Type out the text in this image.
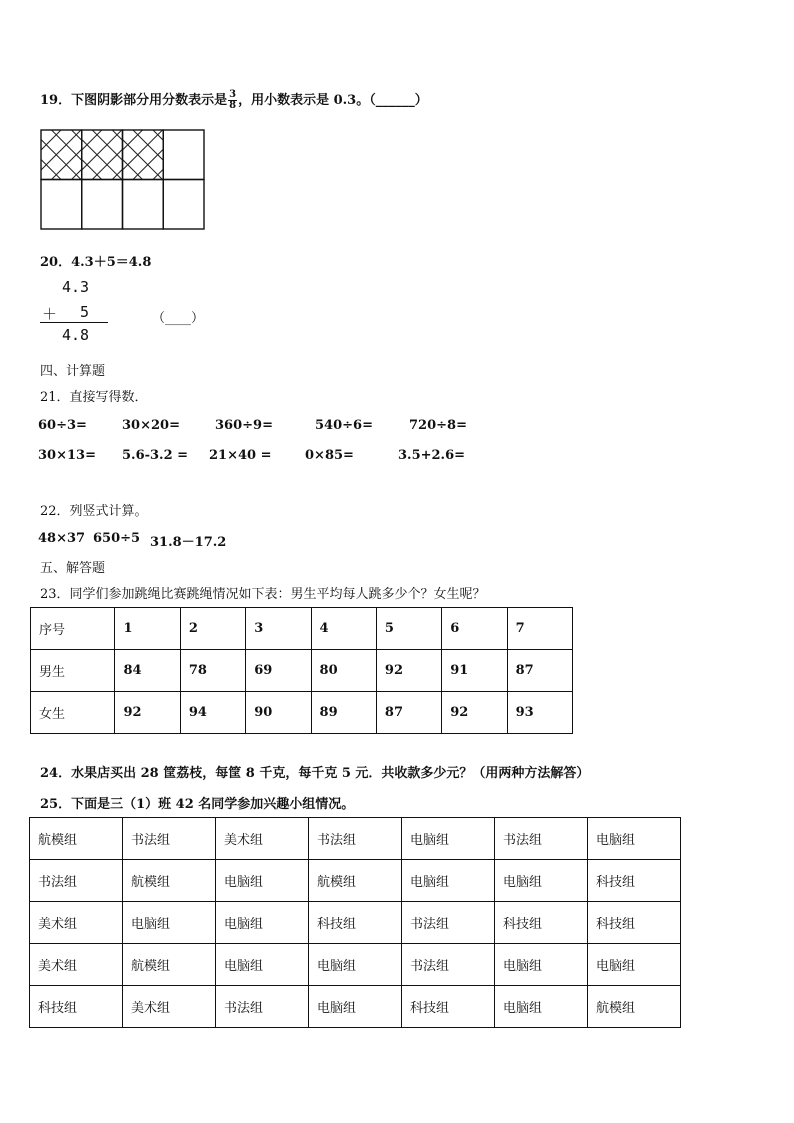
19．下图阴影部分用分数表示是 $\frac{3}{8}$ ，用小数表示是 0.3。（______）
20．4.3＋5＝4.8
4.3
＋ 5
4.8
（____）
四、计算题
21．直接写得数．
60÷3=	30×20=	360÷9=	540÷6=	720÷8=
30×13= 5.6-3.2 = 21×40 =	0×85=	3.5+2.6=
22．列竖式计算。
48×37 650÷5 31.8－17.2
五、解答题
23．同学们参加跳绳比赛跳绳情况如下表：男生平均每人跳多少个？女生呢？
序号	1	2	3	4	5	6	7
男生	84	78	69	80	92	91	87
女生	92	94	90	89	87	92	93
24．水果店买出 28 筐荔枝，每筐 8 千克，每千克 5 元．共收款多少元？（用两种方法解答）
25．下面是三（1）班 42 名同学参加兴趣小组情况。
航模组	书法组	美术组	书法组	电脑组	书法组	电脑组
书法组	航模组	电脑组	航模组	电脑组	电脑组	科技组
美术组	电脑组	电脑组	科技组	书法组	科技组	科技组
美术组	航模组	电脑组	电脑组	书法组	电脑组	电脑组
科技组	美术组	书法组	电脑组	科技组	电脑组	航模组
